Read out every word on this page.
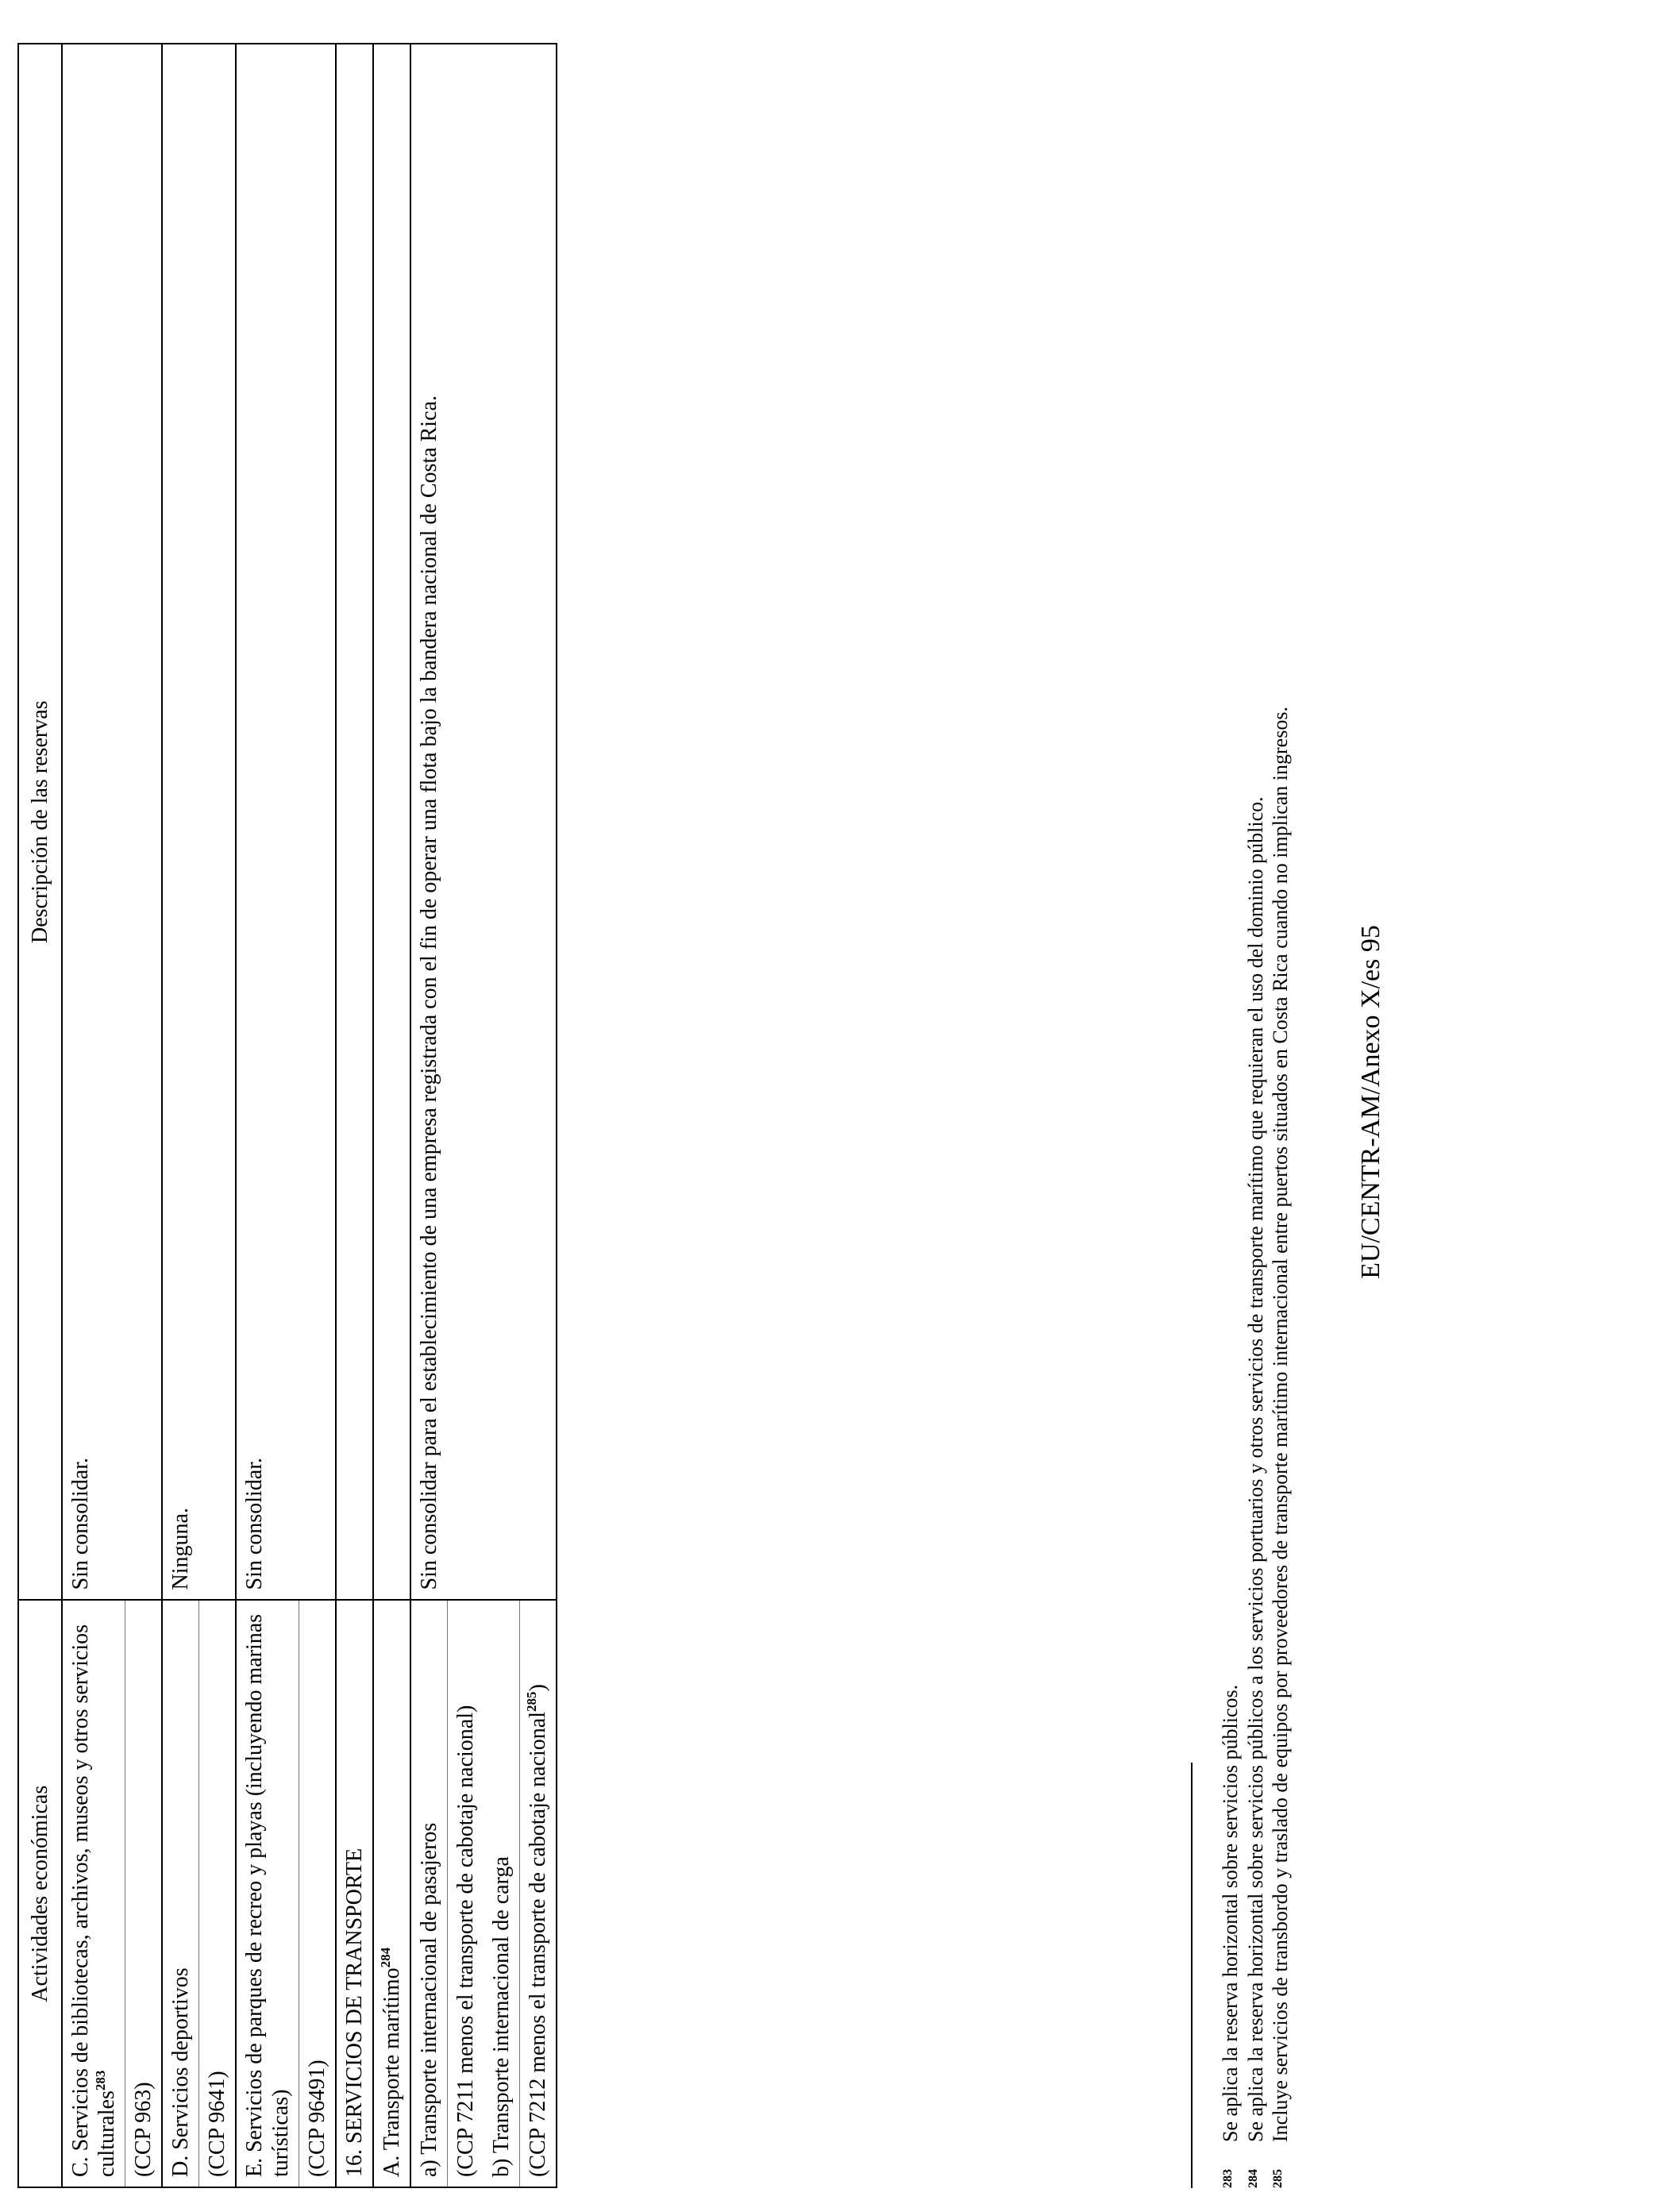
Actividades económicas	Descripción de las reservas

C. Servicios de bibliotecas, archivos, museos y otros servicios culturales$^{283}$
(CCP 963)	Sin consolidar.

D. Servicios deportivos (CCP 9641)	Ninguna.

E. Servicios de parques de recreo y playas (incluyendo marinas turísticas) (CCP 96491)	Sin consolidar.
16. SERVICIOS DE TRANSPORTE	
A. Transporte marítimo$^{284}$	

a) Transporte internacional de pasajeros (CCP 7211 menos el transporte de cabotaje nacional) b) Transporte internacional de carga (CCP 7212 menos el transporte de cabotaje nacional$^{285}$)	Sin consolidar para el establecimiento de una empresa registrada con el fin de operar una flota bajo la bandera nacional de Costa Rica.
283
Se aplica la reserva horizontal sobre servicios públicos.
284
Se aplica la reserva horizontal sobre servicios públicos a los servicios portuarios y otros servicios de transporte marítimo que requieran el uso del dominio público.
285
Incluye servicios de transbordo y traslado de equipos por proveedores de transporte marítimo internacional entre puertos situados en Costa Rica cuando no implican ingresos. EU/CENTR-AM/Anexo X/es 95
